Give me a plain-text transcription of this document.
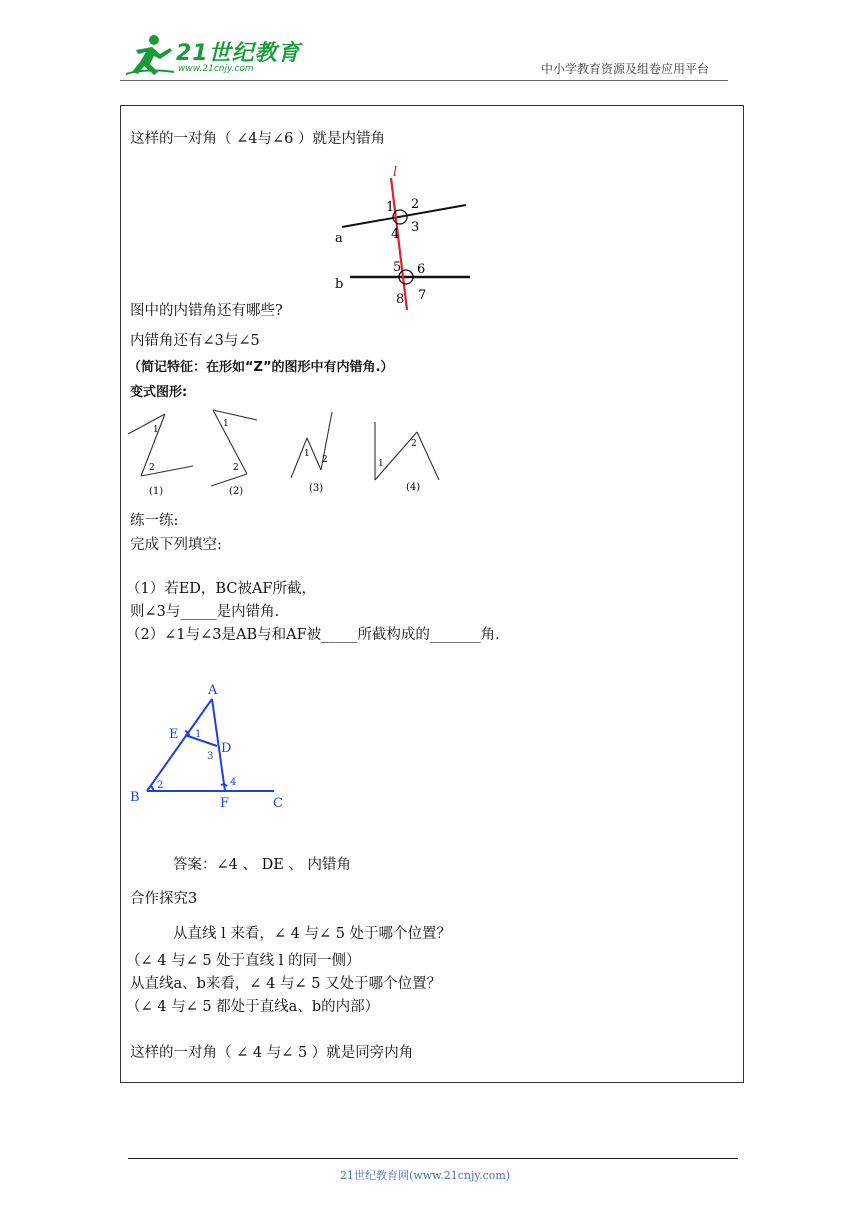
21世纪教育
www.21cnjy.com	中小学教育资源及组卷应用平台
这样的一对角（ ∠4与∠6 ）就是内错角
l
a
b
1 2
3
4
5 6
7
8
图中的内错角还有哪些?
内错角还有∠3与∠5
（简记特征：在形如“Z”的图形中有内错角.）
变式图形:
1
2
(1)
1
2
(2)
1
2
(3)
1
2
(4)
练一练:
完成下列填空:
（1）若ED，BC被AF所截，
则∠3与_____是内错角.
（2）∠1与∠3是AB与和AF被_____所截构成的_______角.
A
E
D
B	F	C
1
3
2	4
答案：∠4 、 DE 、 内错角
合作探究3
从直线 l 来看，∠ 4 与∠ 5 处于哪个位置？
（∠ 4 与∠ 5 处于直线 l 的同一侧）
从直线a、b来看，∠ 4 与∠ 5 又处于哪个位置？
（∠ 4 与∠ 5 都处于直线a、b的内部）
这样的一对角（ ∠ 4 与∠ 5 ）就是同旁内角
21世纪教育网(www.21cnjy.com)
